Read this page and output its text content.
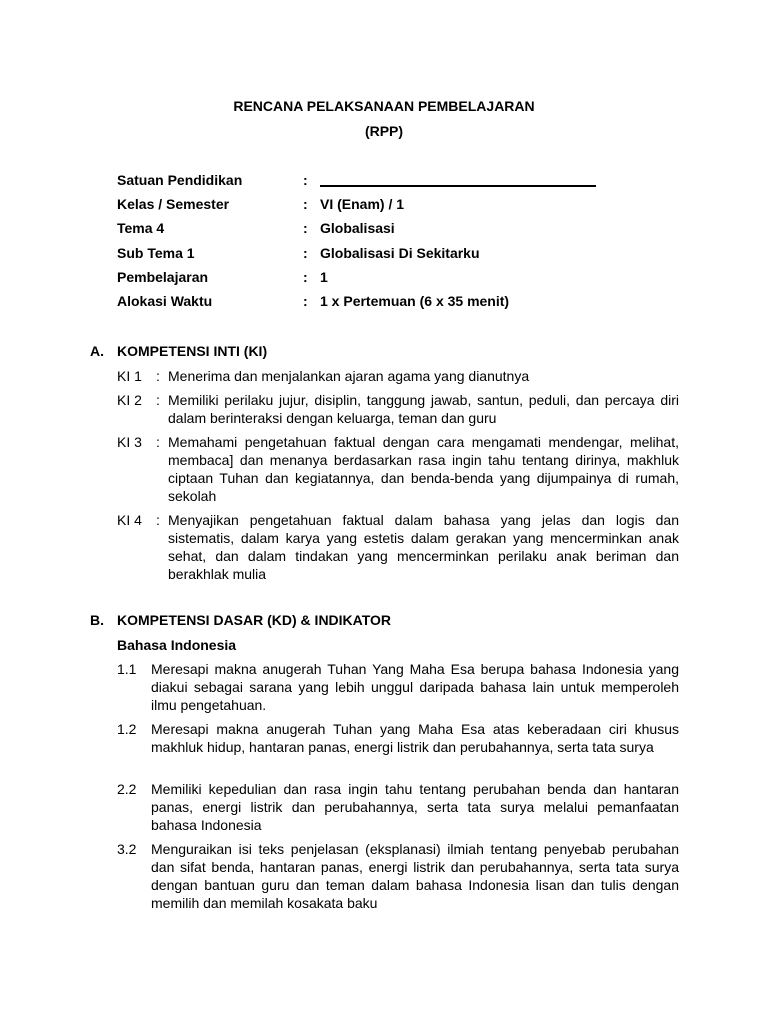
RENCANA PELAKSANAAN PEMBELAJARAN
(RPP)
Satuan Pendidikan	:
Kelas / Semester	: VI (Enam) / 1
Tema 4	: Globalisasi
Sub Tema 1	: Globalisasi Di Sekitarku
Pembelajaran	: 1
Alokasi Waktu	: 1 x Pertemuan (6 x 35 menit)
A. KOMPETENSI INTI (KI)
KI 1 : Menerima dan menjalankan ajaran agama yang dianutnya
KI 2 : Memiliki perilaku jujur, disiplin, tanggung jawab, santun, peduli, dan percaya diri dalam berinteraksi dengan keluarga, teman dan guru
KI 3 : Memahami pengetahuan faktual dengan cara mengamati mendengar, melihat, membaca] dan menanya berdasarkan rasa ingin tahu tentang dirinya, makhluk ciptaan Tuhan dan kegiatannya, dan benda-benda yang dijumpainya di rumah, sekolah
KI 4 : Menyajikan pengetahuan faktual dalam bahasa yang jelas dan logis dan sistematis, dalam karya yang estetis dalam gerakan yang mencerminkan anak sehat, dan dalam tindakan yang mencerminkan perilaku anak beriman dan berakhlak mulia
B. KOMPETENSI DASAR (KD) & INDIKATOR
Bahasa Indonesia
1.1 Meresapi makna anugerah Tuhan Yang Maha Esa berupa bahasa Indonesia yang diakui sebagai sarana yang lebih unggul daripada bahasa lain untuk memperoleh ilmu pengetahuan.
1.2 Meresapi makna anugerah Tuhan yang Maha Esa atas keberadaan ciri khusus makhluk hidup, hantaran panas, energi listrik dan perubahannya, serta tata surya
2.2 Memiliki kepedulian dan rasa ingin tahu tentang perubahan benda dan hantaran panas, energi listrik dan perubahannya, serta tata surya melalui pemanfaatan bahasa Indonesia
3.2 Menguraikan isi teks penjelasan (eksplanasi) ilmiah tentang penyebab perubahan dan sifat benda, hantaran panas, energi listrik dan perubahannya, serta tata surya dengan bantuan guru dan teman dalam bahasa Indonesia lisan dan tulis dengan memilih dan memilah kosakata baku
